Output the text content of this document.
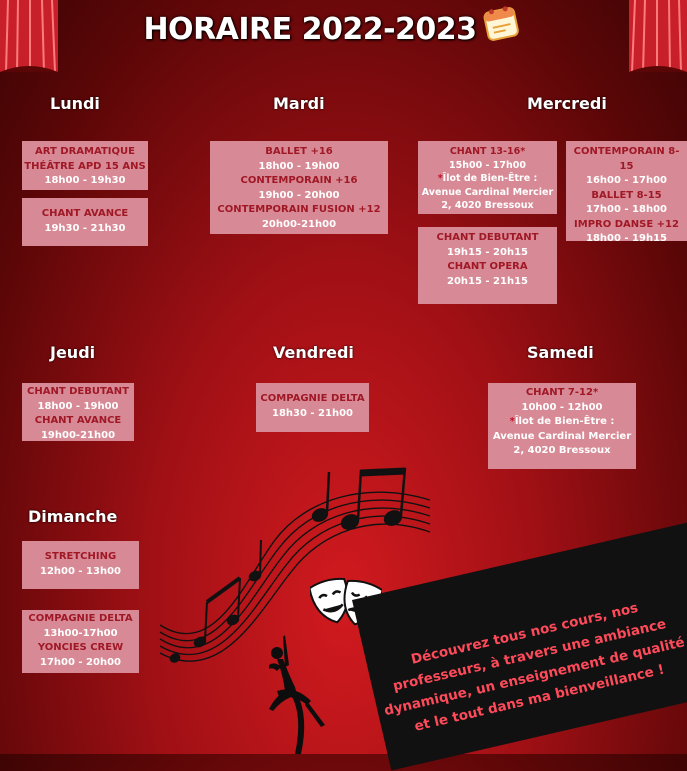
HORAIRE 2022-2023
Lundi	Mardi	Mercredi
Jeudi	Vendredi	Samedi
Dimanche
ART DRAMATIQUE
THÉÂTRE APD 15 ANS
18h00 - 19h30
CHANT AVANCE
19h30 - 21h30
BALLET +16
18h00 - 19h00
CONTEMPORAIN +16
19h00 - 20h00
CONTEMPORAIN FUSION +12
20h00-21h00
CHANT 13-16*
15h00 - 17h00
*Îlot de Bien-Être : Avenue Cardinal Mercier 2, 4020 Bressoux
CHANT DEBUTANT
19h15 - 20h15
CHANT OPERA
20h15 - 21h15
CONTEMPORAIN 8-15
16h00 - 17h00
BALLET 8-15
17h00 - 18h00
IMPRO DANSE +12
18h00 - 19h15
CHANT DEBUTANT
18h00 - 19h00
CHANT AVANCE
19h00-21h00
COMPAGNIE DELTA
18h30 - 21h00
CHANT 7-12*
10h00 - 12h00
*Îlot de Bien-Être : Avenue Cardinal Mercier 2, 4020 Bressoux
STRETCHING
12h00 - 13h00
COMPAGNIE DELTA
13h00-17h00
YONCIES CREW
17h00 - 20h00	Découvrez tous nos cours, nos professeurs, à travers une ambiance dynamique, un enseignement de qualité et le tout dans ma bienveillance !
